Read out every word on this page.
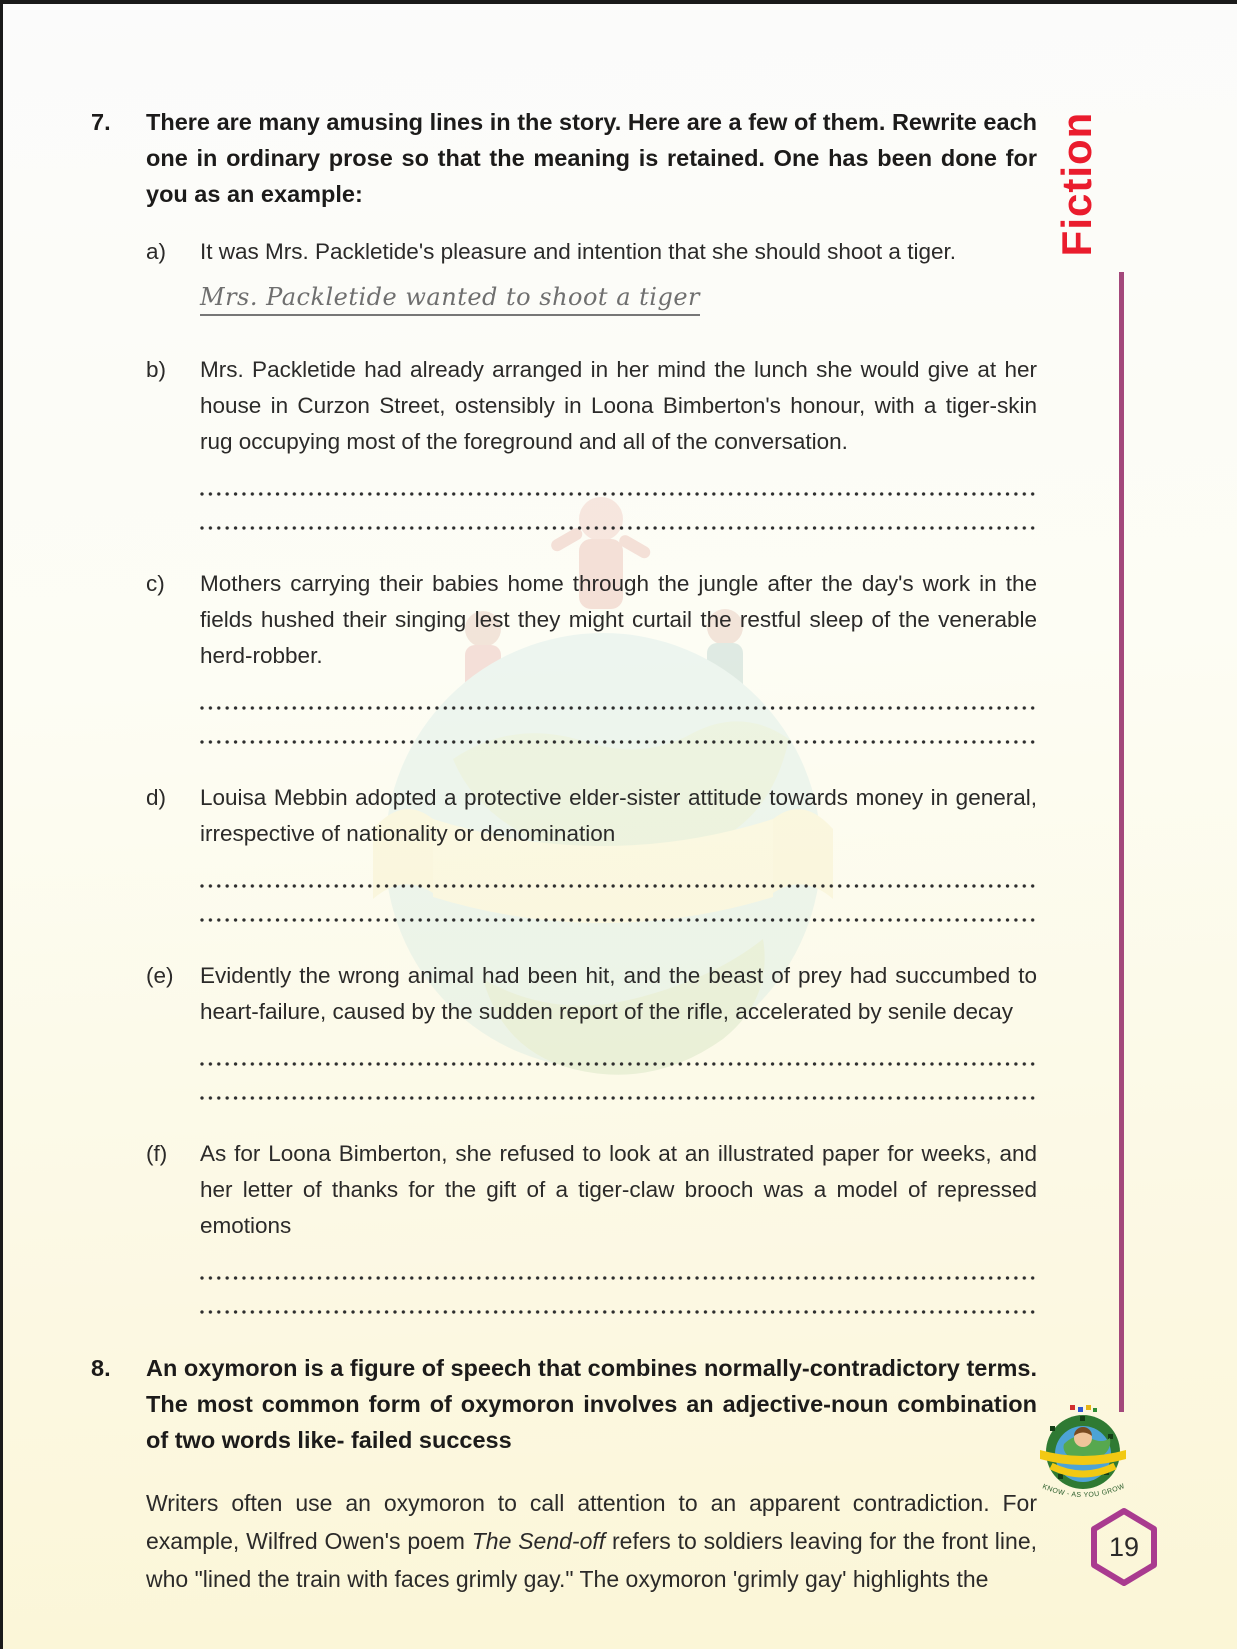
7.	There are many amusing lines in the story. Here are a few of them. Rewrite each one in ordinary prose so that the meaning is retained. One has been done for you as an example:
a)	It was Mrs. Packletide's pleasure and intention that she should shoot a tiger.
Mrs. Packletide wanted to shoot a tiger
b)	Mrs. Packletide had already arranged in her mind the lunch she would give at her house in Curzon Street, ostensibly in Loona Bimberton's honour, with a tiger-skin rug occupying most of the foreground and all of the conversation.
c)	Mothers carrying their babies home through the jungle after the day's work in the fields hushed their singing lest they might curtail the restful sleep of the venerable herd-robber.
d)	Louisa Mebbin adopted a protective elder-sister attitude towards money in general, irrespective of nationality or denomination
(e)	Evidently the wrong animal had been hit, and the beast of prey had succumbed to heart-failure, caused by the sudden report of the rifle, accelerated by senile decay
(f)	As for Loona Bimberton, she refused to look at an illustrated paper for weeks, and her letter of thanks for the gift of a tiger-claw brooch was a model of repressed emotions
8.	An oxymoron is a figure of speech that combines normally-contradictory terms. The most common form of oxymoron involves an adjective-noun combination of two words like- failed success
Writers often use an oxymoron to call attention to an apparent contradiction. For example, Wilfred Owen's poem The Send-off refers to soldiers leaving for the front line, who "lined the train with faces grimly gay." The oxymoron 'grimly gay' highlights the
Fiction
KNOW - AS YOU GROW
19
